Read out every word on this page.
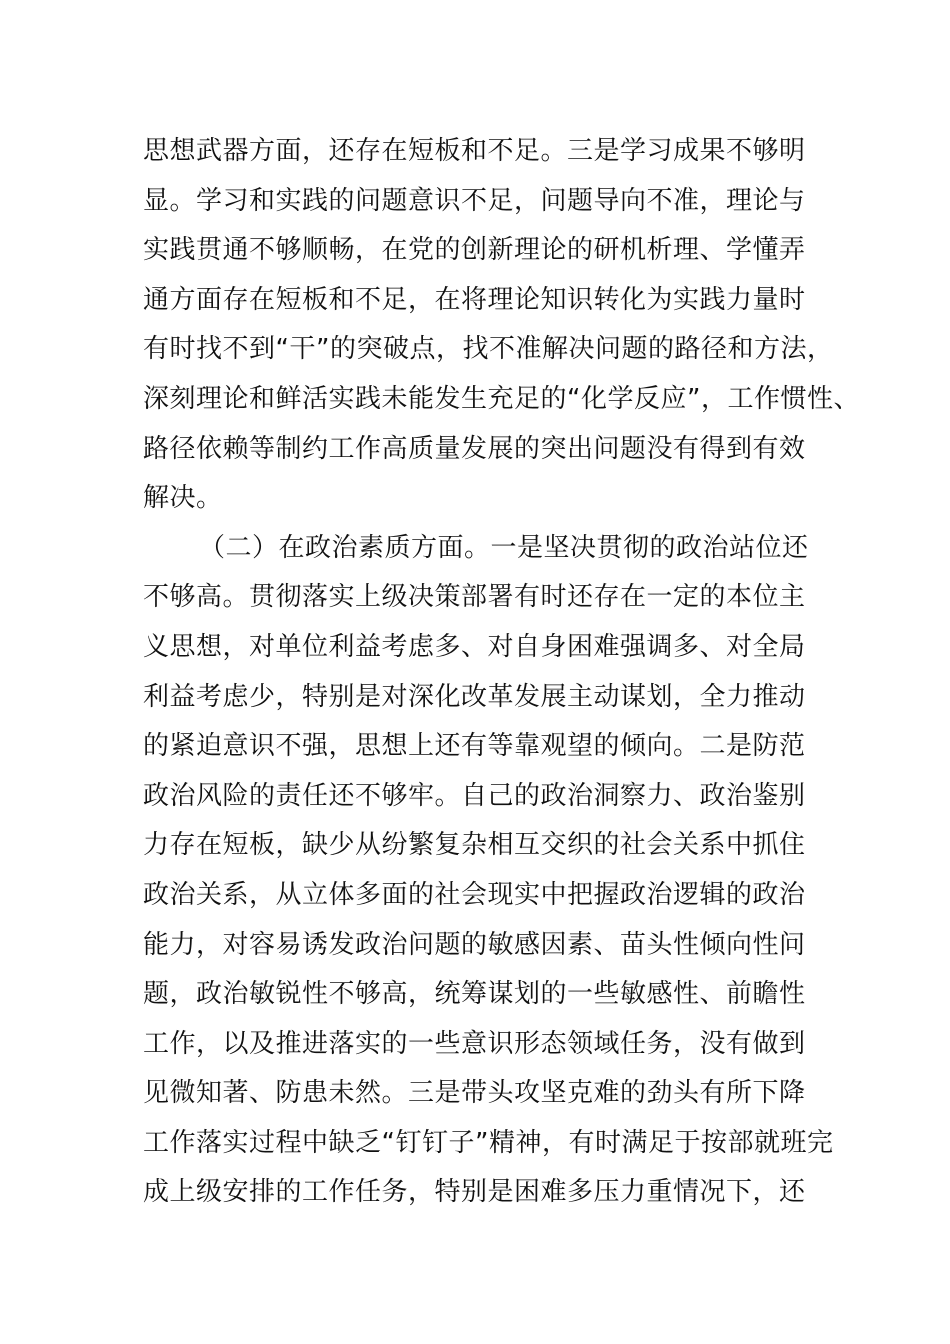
思想武器方面，还存在短板和不足。三是学习成果不够明
显。学习和实践的问题意识不足，问题导向不准，理论与
实践贯通不够顺畅，在党的创新理论的研机析理、学懂弄
通方面存在短板和不足，在将理论知识转化为实践力量时
有时找不到“干”的突破点，找不准解决问题的路径和方法，
深刻理论和鲜活实践未能发生充足的“化学反应”，工作惯性、
路径依赖等制约工作高质量发展的突出问题没有得到有效
解决。
（二）在政治素质方面。一是坚决贯彻的政治站位还
不够高。贯彻落实上级决策部署有时还存在一定的本位主
义思想，对单位利益考虑多、对自身困难强调多、对全局
利益考虑少，特别是对深化改革发展主动谋划，全力推动
的紧迫意识不强，思想上还有等靠观望的倾向。二是防范
政治风险的责任还不够牢。自己的政治洞察力、政治鉴别
力存在短板，缺少从纷繁复杂相互交织的社会关系中抓住
政治关系，从立体多面的社会现实中把握政治逻辑的政治
能力，对容易诱发政治问题的敏感因素、苗头性倾向性问
题，政治敏锐性不够高，统筹谋划的一些敏感性、前瞻性
工作，以及推进落实的一些意识形态领域任务，没有做到
见微知著、防患未然。三是带头攻坚克难的劲头有所下降
工作落实过程中缺乏“钉钉子”精神，有时满足于按部就班完
成上级安排的工作任务，特别是困难多压力重情况下，还
